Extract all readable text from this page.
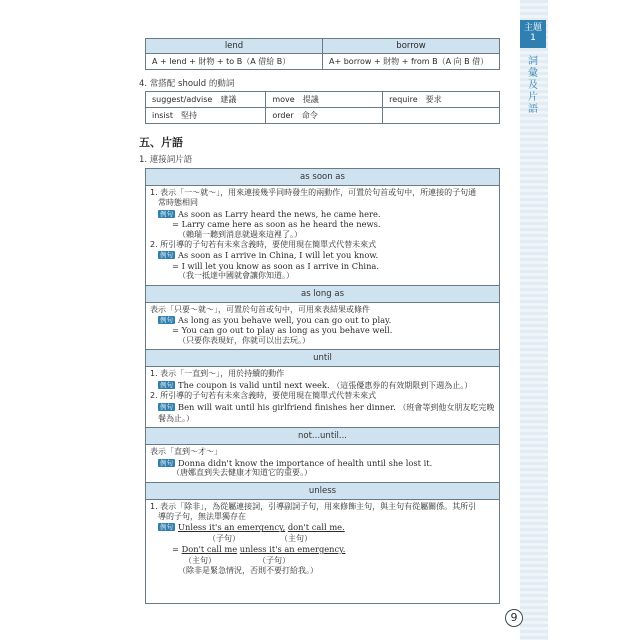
主題
1
詞
彙
及
片
語
lend	borrow
A + lend + 財物 + to B（A 借給 B）	A+ borrow + 財物 + from B（A 向 B 借）
4. 常搭配 should 的動詞
suggest/advise　建議	move　提議	require　要求
insist　堅持	order　命令	
五、片語
1. 連接詞片語
as soon as
1. 表示「一～就～」，用來連接幾乎同時發生的兩動作，可置於句首或句中，所連接的子句通
常時態相同
例句 As soon as Larry heard the news, he came here.
= Larry came here as soon as he heard the news.
（賴瑞一聽到消息就過來這裡了。）
2. 所引導的子句若有未來含義時，要使用現在簡單式代替未來式
例句 As soon as I arrive in China, I will let you know.
= I will let you know as soon as I arrive in China.
（我一抵達中國就會讓你知道。）
as long as
表示「只要～就～」，可置於句首或句中，可用來表結果或條件
例句 As long as you behave well, you can go out to play.
= You can go out to play as long as you behave well.
（只要你表現好，你就可以出去玩。）
until
1. 表示「一直到～」，用於持續的動作
例句 The coupon is valid until next week. （這張優惠券的有效期限到下週為止。）
2. 所引導的子句若有未來含義時，要使用現在簡單式代替未來式
例句 Ben will wait until his girlfriend finishes her dinner. （班會等到他女朋友吃完晚餐為止。）
not...until...
表示「直到～才～」
例句 Donna didn't know the importance of health until she lost it.
（唐娜直到失去健康才知道它的重要。）
unless
1. 表示「除非」，為從屬連接詞，引導副詞子句，用來修飾主句，與主句有從屬關係。其所引
導的子句，無法單獨存在
例句 Unless it's an emergency, don't call me.
（子句）	（主句）
= Don't call me unless it's an emergency.
（主句）	（子句）
（除非是緊急情況，否則不要打給我。）
9
